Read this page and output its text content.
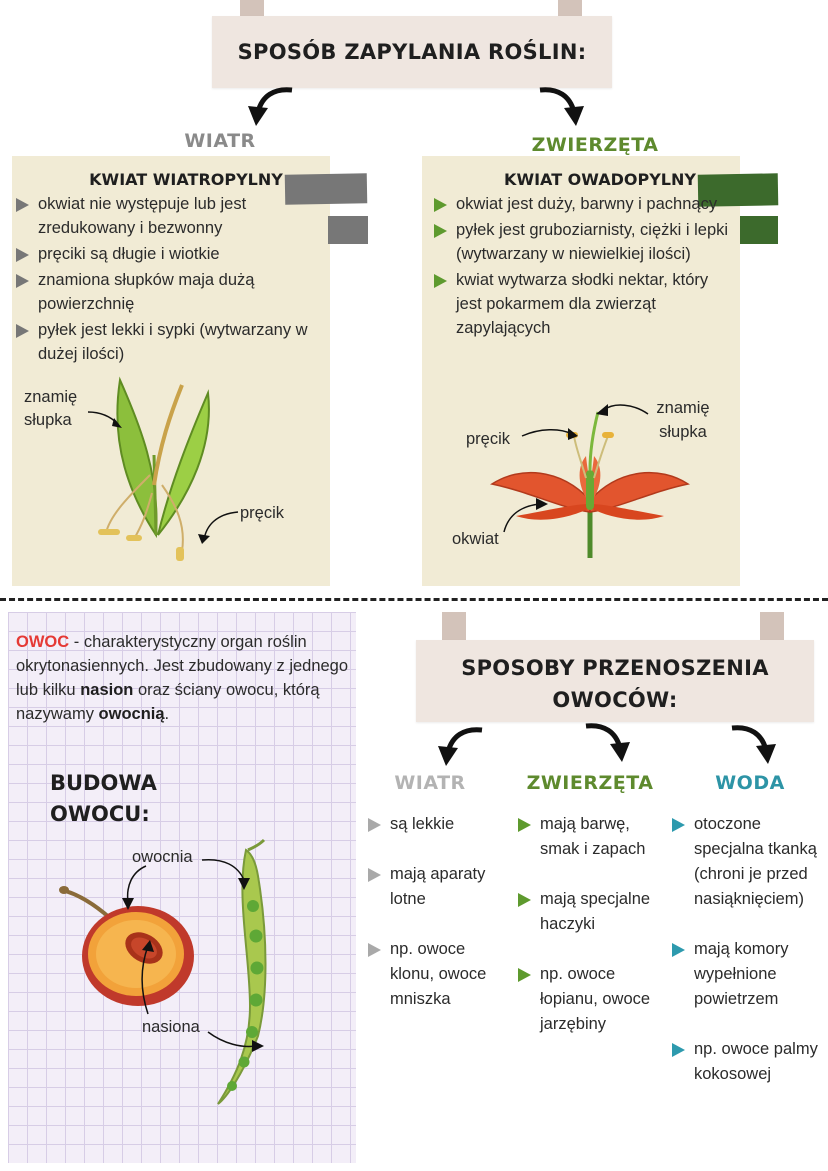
SPOSÓB ZAPYLANIA ROŚLIN:
WIATR	ZWIERZĘTA
KWIAT WIATROPYLNY
okwiat nie występuje lub jest zredukowany i bezwonny
pręciki są długie i wiotkie
znamiona słupków maja dużą powierzchnię
pyłek jest lekki i sypki (wytwarzany w dużej ilości)
znamię słupka
pręcik
KWIAT OWADOPYLNY
okwiat jest duży, barwny i pachnący
pyłek jest gruboziarnisty, ciężki i lepki (wytwarzany w niewielkiej ilości)
kwiat wytwarza słodki nektar, który jest pokarmem dla zwierząt zapylających
pręcik
znamię słupka
okwiat
OWOC - charakterystyczny organ roślin okrytonasiennych. Jest zbudowany z jednego lub kilku nasion oraz ściany owocu, którą nazywamy owocnią.
BUDOWA
OWOCU:
owocnia
nasiona
SPOSOBY PRZENOSZENIA
OWOCÓW:
WIATR	ZWIERZĘTA	WODA
są lekkie
mają aparaty lotne
np. owoce klonu, owoce mniszka
mają barwę, smak i zapach
mają specjalne haczyki
np. owoce łopianu, owoce jarzębiny
otoczone specjalna tkanką (chroni je przed nasiąknięciem)
mają komory wypełnione powietrzem
np. owoce palmy kokosowej
